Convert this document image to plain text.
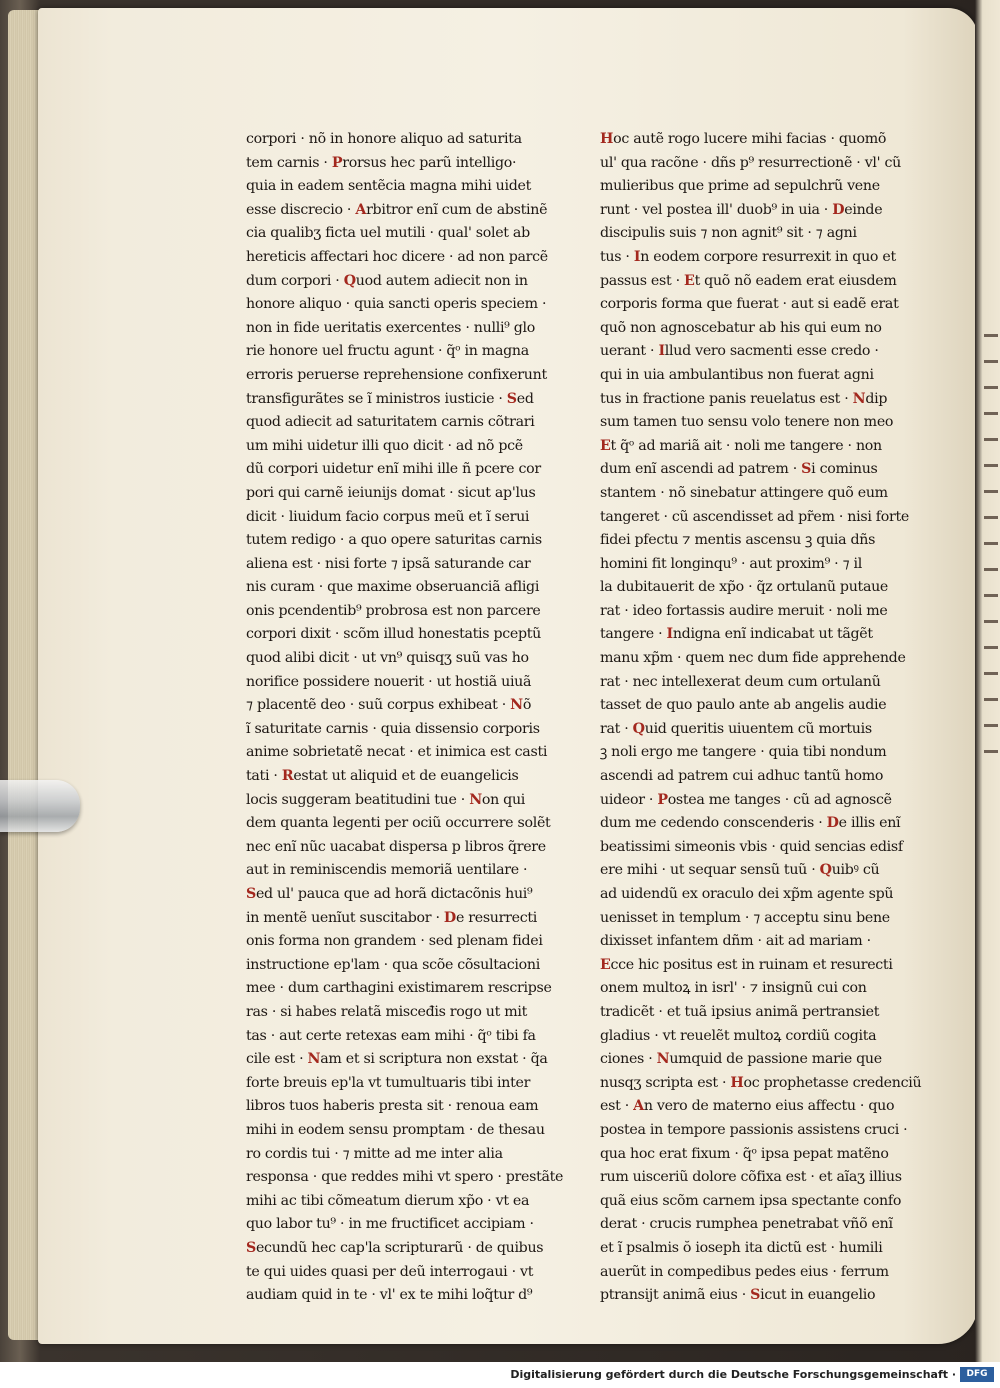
corpori · nõ in honore aliquo ad saturita
tem carnis · Prorsus hec parũ intelligo·
quia in eadem sentẽcia magna mihi uidet
esse discrecio · Arbitror enĩ cum de abstinẽ
cia qualibʒ ficta uel mutili · qual' solet ab
hereticis affectari hoc dicere · ad non parcẽ
dum corpori · Quod autem adiecit non in
honore aliquo · quia sancti operis speciem ·
non in fide ueritatis exercentes · nulli⁹ glo
rie honore uel fructu agunt · q̃ᵒ in magna
erroris peruerse reprehensione confixerunt
transfigurãtes se ĩ ministros iusticie · Sed
quod adiecit ad saturitatem carnis cõtrari
um mihi uidetur illi quo dicit · ad nõ pcẽ
dũ corpori uidetur enĩ mihi ille ñ pcere cor
pori qui carnẽ ieiunijs domat · sicut ap'lus
dicit · liuidum facio corpus meũ et ĩ serui
tutem redigo · a quo opere saturitas carnis
aliena est · nisi forte ⁊ ipsã saturande car
nis curam · que maxime obseruanciã afligi
onis pcendentib⁹ probrosa est non parcere
corpori dixit · scõm illud honestatis pceptũ
quod alibi dicit · ut vn⁹ quisqʒ suũ vas ho
norifice possidere nouerit · ut hostiã uiuã
⁊ placentẽ deo · suũ corpus exhibeat · Nõ
ĩ saturitate carnis · quia dissensio corporis
anime sobrietatẽ necat · et inimica est casti
tati · Restat ut aliquid et de euangelicis
locis suggeram beatitudini tue · Non qui
dem quanta legenti per ociũ occurrere solẽt
nec enĩ nũc uacabat dispersa p libros q̃rere
aut in reminiscendis memoriã uentilare ·
Sed ul' pauca que ad horã dictacõnis hui⁹
in mentẽ uenĩut suscitabor · De resurrecti
onis forma non grandem · sed plenam fidei
instructione ep'lam · qua scõe cõsultacioni
mee · dum carthagini existimarem rescripse
ras · si habes relatã misceđis rogo ut mit
tas · aut certe retexas eam mihi · q̃ᵒ tibi fa
cile est · Nam et si scriptura non exstat · q̃a
forte breuis ep'la vt tumultuaris tibi inter
libros tuos haberis presta sit · renoua eam
mihi in eodem sensu promptam · de thesau
ro cordis tui · ⁊ mitte ad me inter alia
responsa · que reddes mihi vt spero · prestãte
mihi ac tibi cõmeatum dierum xp̃o · vt ea
quo labor tu⁹ · in me fructificet accipiam ·
Secundũ hec cap'la scripturarũ · de quibus
te qui uides quasi per deũ interrogaui · vt
audiam quid in te · vl' ex te mihi loq̃tur d⁹
Hoc autẽ rogo lucere mihi facias · quomõ
ul' qua racõne · dñs p⁹ resurrectionẽ · vl' cũ
mulieribus que prime ad sepulchrũ vene
runt · vel postea ill' duob⁹ in uia · Deinde
discipulis suis ⁊ non agnit⁹ sit · ⁊ agni
tus · In eodem corpore resurrexit in quo et
passus est · Et quõ nõ eadem erat eiusdem
corporis forma que fuerat · aut si eadẽ erat
quõ non agnoscebatur ab his qui eum no
uerant · Illud vero sacmenti esse credo ·
qui in uia ambulantibus non fuerat agni
tus in fractione panis reuelatus est · Ndip
sum tamen tuo sensu volo tenere non meo
Et q̃ᵒ ad mariã ait · noli me tangere · non
dum enĩ ascendi ad patrem · Si cominus
stantem · nõ sinebatur attingere quõ eum
tangeret · cũ ascendisset ad pr̃em · nisi forte
fidei pfectu ⁊ mentis ascensu ꝫ quia dñs
homini fit longinqu⁹ · aut proxim⁹ · ⁊ il
la dubitauerit de xp̃o · q̃z ortulanũ putaue
rat · ideo fortassis audire meruit · noli me
tangere · Indigna enĩ indicabat ut tãgẽt
manu xp̃m · quem nec dum fide apprehende
rat · nec intellexerat deum cum ortulanũ
tasset de quo paulo ante ab angelis audie
rat · Quid queritis uiuentem cũ mortuis
ꝫ noli ergo me tangere · quia tibi nondum
ascendi ad patrem cui adhuc tantũ homo
uideor · Postea me tanges · cũ ad agnoscẽ
dum me cedendo conscenderis · De illis enĩ
beatissimi simeonis vbis · quid sencias edisf
ere mihi · ut sequar sensũ tuũ · Quibꝰ cũ
ad uidendũ ex oraculo dei xp̃m agente spũ
uenisset in templum · ⁊ acceptu sinu bene
dixisset infantem dñm · ait ad mariam ·
Ecce hic positus est in ruinam et resurecti
onem multoꝝ in isrl' · ⁊ insignũ cui con
tradicẽt · et tuã ipsius animã pertransiet
gladius · vt reuelẽt multoꝝ cordiũ cogita
ciones · Numquid de passione marie que
nusqʒ scripta est · Hoc prophetasse credenciũ
est · An vero de materno eius affectu · quo
postea in tempore passionis assistens cruci ·
qua hoc erat fixum · q̃ᵒ ipsa pepat matẽno
rum uisceriũ dolore cõfixa est · et aĩaʒ illius
quã eius scõm carnem ipsa spectante confo
derat · crucis rumphea penetrabat vñõ enĩ
et ĩ psalmis ŏ ioseph ita dictũ est · humili
auerũt in compedibus pedes eius · ferrum
ptransijt animã eius · Sicut in euangelio
Digitalisierung gefördert durch die Deutsche Forschungsgemeinschaft ·	DFG
